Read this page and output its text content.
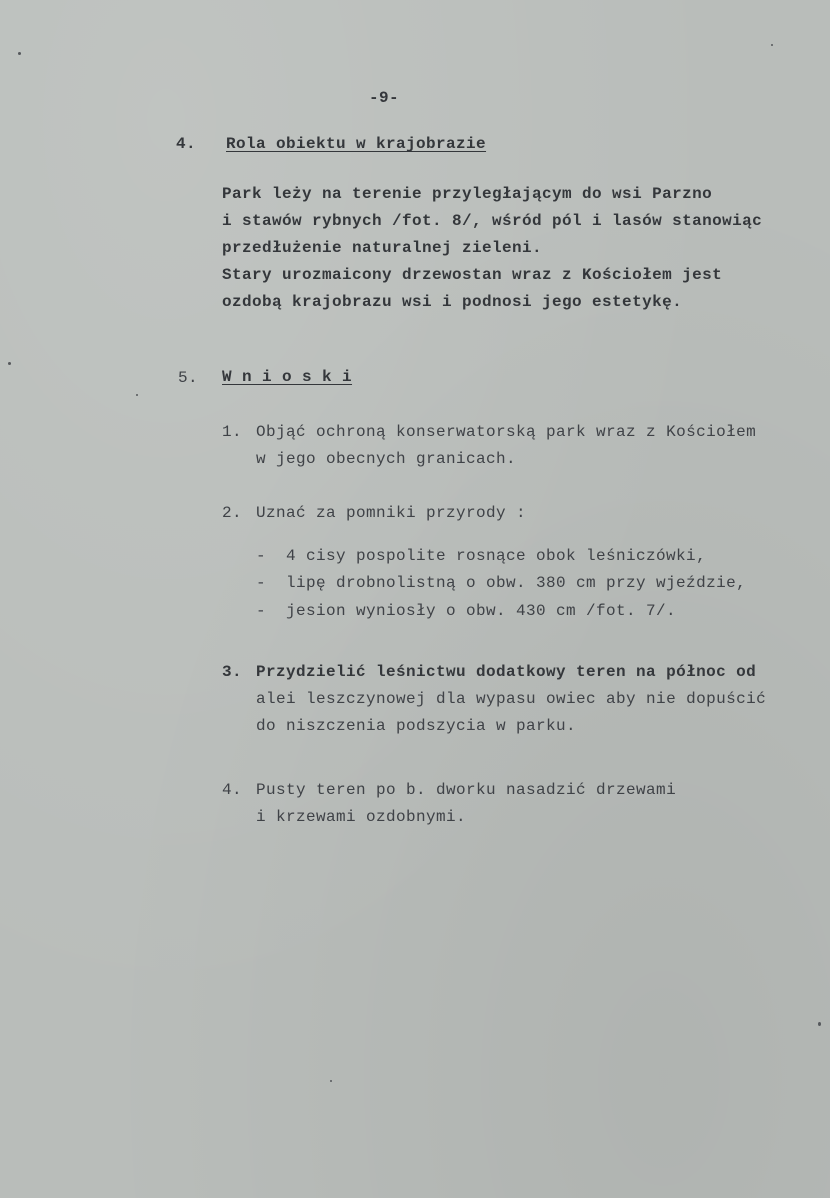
-9-
4. Rola obiektu w krajobrazie
Park leży na terenie przyległającym do wsi Parzno
i stawów rybnych /fot. 8/, wśród pól i lasów stanowiąc
przedłużenie naturalnej zieleni.
Stary urozmaicony drzewostan wraz z Kościołem jest
ozdobą krajobrazu wsi i podnosi jego estetykę.
5. W n i o s k i
1. Objąć ochroną konserwatorską park wraz z Kościołem
w jego obecnych granicach.
2. Uznać za pomniki przyrody :
- 4 cisy pospolite rosnące obok leśniczówki,
- lipę drobnolistną o obw. 380 cm przy wjeździe,
- jesion wyniosły o obw. 430 cm /fot. 7/.
3. Przydzielić leśnictwu dodatkowy teren na północ od
alei leszczynowej dla wypasu owiec aby nie dopuścić
do niszczenia podszycia w parku.
4. Pusty teren po b. dworku nasadzić drzewami
i krzewami ozdobnymi.
